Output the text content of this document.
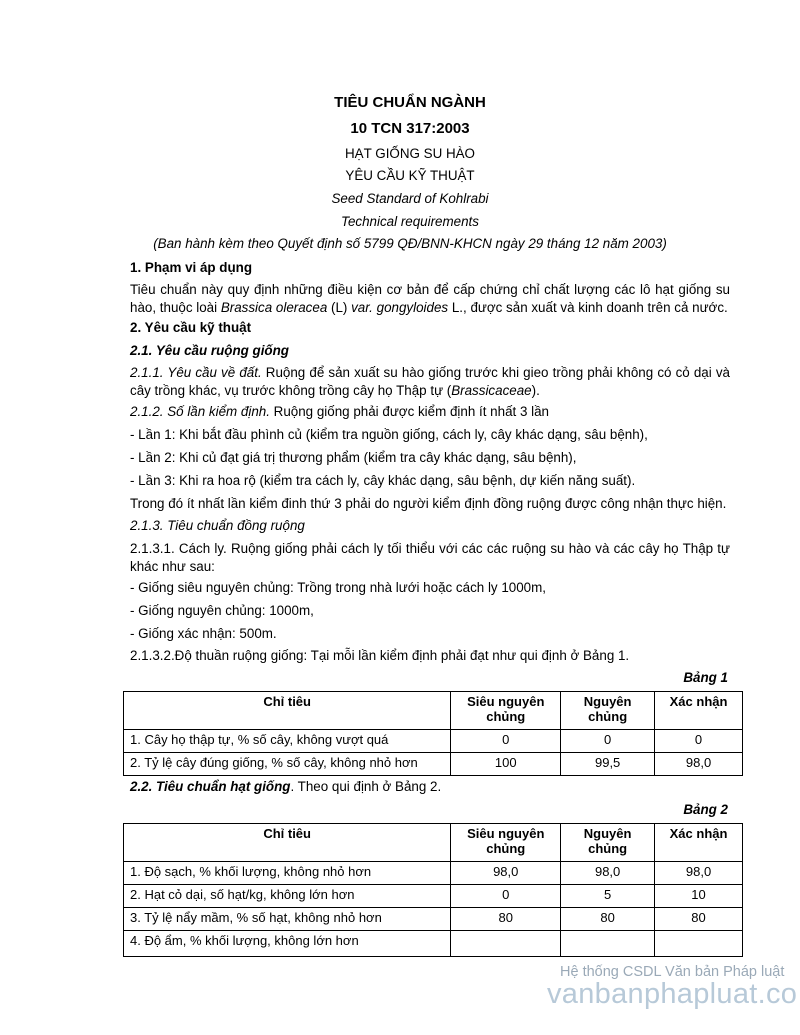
TIÊU CHUẨN NGÀNH
10 TCN 317:2003
HẠT GIỐNG SU HÀO
YÊU CẦU KỸ THUẬT
Seed Standard of Kohlrabi
Technical requirements
(Ban hành kèm theo Quyết định số 5799 QĐ/BNN-KHCN ngày 29 tháng 12 năm 2003)
1. Phạm vi áp dụng
Tiêu chuẩn này quy định những điều kiện cơ bản để cấp chứng chỉ chất lượng các lô hạt giống su hào, thuộc loài Brassica oleracea (L) var. gongyloides L., được sản xuất và kinh doanh trên cả nước.
2. Yêu cầu kỹ thuật
2.1. Yêu cầu ruộng giống
2.1.1. Yêu cầu về đất. Ruộng để sản xuất su hào giống trước khi gieo trồng phải không có cỏ dại và cây trồng khác, vụ trước không trồng cây họ Thập tự (Brassicaceae).
2.1.2. Số lần kiểm định. Ruộng giống phải được kiểm định ít nhất 3 lần
- Lần 1: Khi bắt đầu phình củ (kiểm tra nguồn giống, cách ly, cây khác dạng, sâu bệnh),
- Lần 2: Khi củ đạt giá trị thương phẩm (kiểm tra cây khác dạng, sâu bệnh),
- Lần 3: Khi ra hoa rộ (kiểm tra cách ly, cây khác dạng, sâu bệnh, dự kiến năng suất).
Trong đó ít nhất lần kiểm đinh thứ 3 phải do người kiểm định đồng ruộng được công nhận thực hiện.
2.1.3. Tiêu chuẩn đồng ruộng
2.1.3.1. Cách ly. Ruộng giống phải cách ly tối thiểu với các các ruộng su hào và các cây họ Thập tự khác như sau:
- Giống siêu nguyên chủng: Trồng trong nhà lưới hoặc cách ly 1000m,
- Giống nguyên chủng: 1000m,
- Giống xác nhận: 500m.
2.1.3.2.Độ thuần ruộng giống: Tại mỗi lần kiểm định phải đạt như qui định ở Bảng 1.
Bảng 1
Chỉ tiêu	Siêu nguyên chủng	Nguyên chủng	Xác nhận
1. Cây họ thập tự, % số cây, không vượt quá	0	0	0
2. Tỷ lệ cây đúng giống, % số cây, không nhỏ hơn	100	99,5	98,0
2.2. Tiêu chuẩn hạt giống. Theo qui định ở Bảng 2.
Bảng 2
Chỉ tiêu	Siêu nguyên chủng	Nguyên chủng	Xác nhận
1. Độ sạch, % khối lượng, không nhỏ hơn	98,0	98,0	98,0
2. Hạt cỏ dại, số hạt/kg, không lớn hơn	0	5	10
3. Tỷ lệ nẩy mầm, % số hạt, không nhỏ hơn	80	80	80
4. Độ ẩm, % khối lượng, không lớn hơn			
Hệ thống CSDL Văn bản Pháp luật
vanbanphapluat.co
